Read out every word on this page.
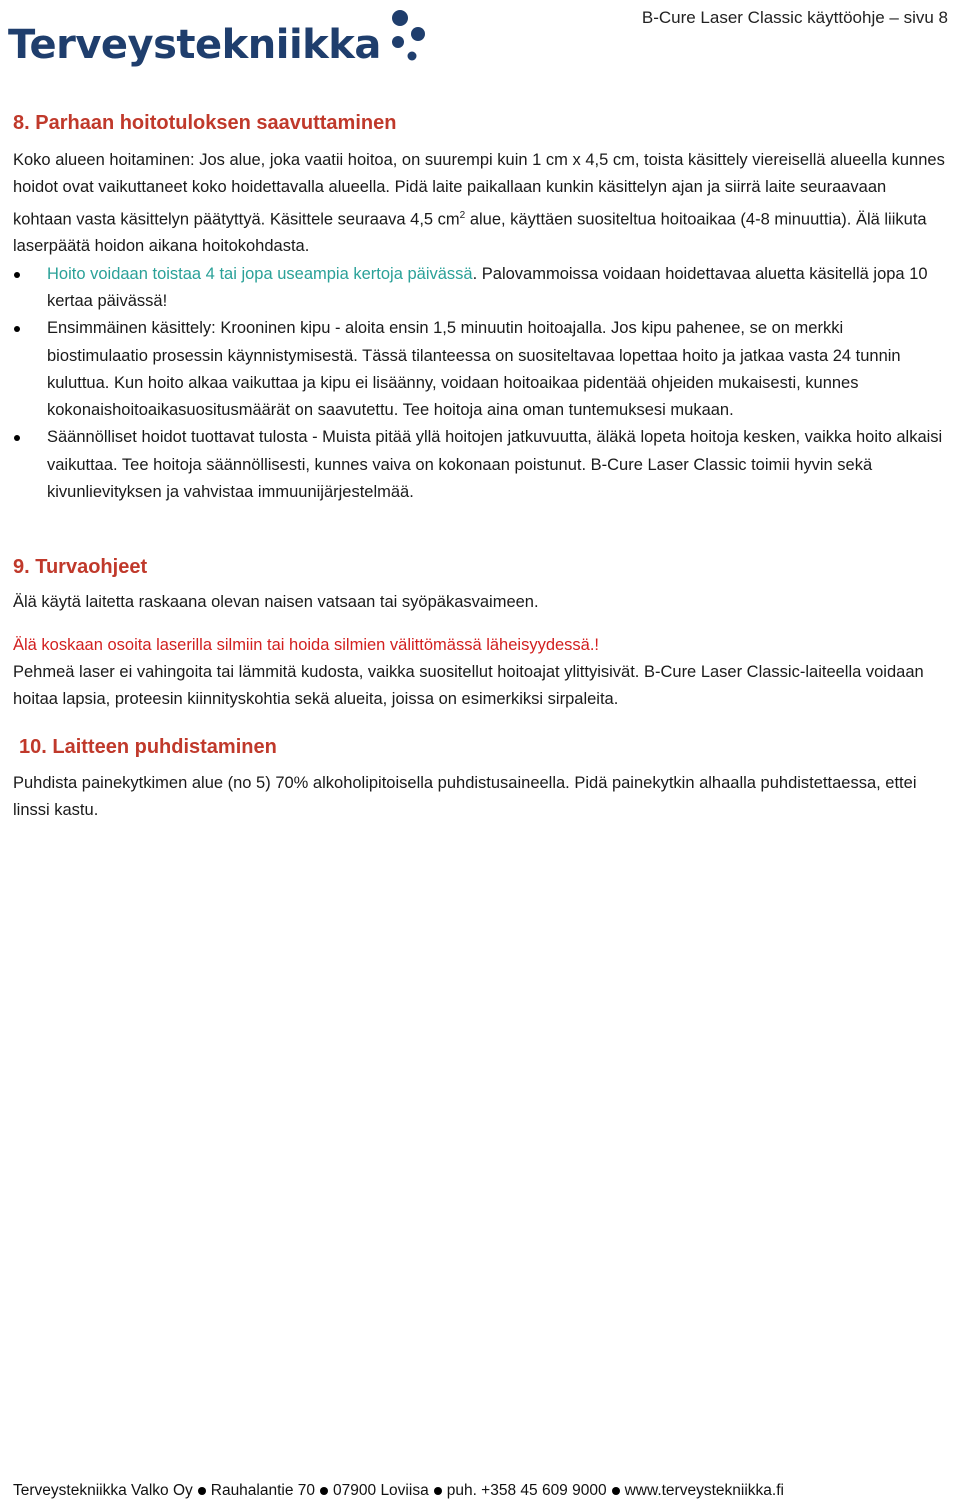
Terveystekniikka
B-Cure Laser Classic käyttöohje – sivu 8
8. Parhaan hoitotuloksen saavuttaminen

Koko alueen hoitaminen: Jos alue, joka vaatii hoitoa, on suurempi kuin 1 cm x 4,5 cm, toista käsittely viereisellä alueella kunnes hoidot ovat vaikuttaneet koko hoidettavalla alueella. Pidä laite paikallaan kunkin käsittelyn ajan ja siirrä laite seuraavaan kohtaan vasta käsittelyn päätyttyä. Käsittele seuraava 4,5 $cm^2$ alue, käyttäen suositeltua hoitoaikaa (4-8 minuuttia). Älä liikuta laserpäätä hoidon aikana hoitokohdasta.

Hoito voidaan toistaa 4 tai jopa useampia kertoja päivässä. Palovammoissa voidaan hoidettavaa aluetta käsitellä jopa 10 kertaa päivässä!
Ensimmäinen käsittely: Krooninen kipu - aloita ensin 1,5 minuutin hoitoajalla. Jos kipu pahenee, se on merkki biostimulaatio prosessin käynnistymisestä. Tässä tilanteessa on suositeltavaa lopettaa hoito ja jatkaa vasta 24 tunnin kuluttua. Kun hoito alkaa vaikuttaa ja kipu ei lisäänny, voidaan hoitoaikaa pidentää ohjeiden mukaisesti, kunnes kokonaishoitoaikasuositusmäärät on saavutettu. Tee hoitoja aina oman tuntemuksesi mukaan.
Säännölliset hoidot tuottavat tulosta - Muista pitää yllä hoitojen jatkuvuutta, äläkä lopeta hoitoja kesken, vaikka hoito alkaisi vaikuttaa. Tee hoitoja säännöllisesti, kunnes vaiva on kokonaan poistunut. B-Cure Laser Classic toimii hyvin sekä kivunlievityksen ja vahvistaa immuunijärjestelmää.
9. Turvaohjeet

Älä käytä laitetta raskaana olevan naisen vatsaan tai syöpäkasvaimeen.

Älä koskaan osoita laserilla silmiin tai hoida silmien välittömässä läheisyydessä.!

Pehmeä laser ei vahingoita tai lämmitä kudosta, vaikka suositellut hoitoajat ylittyisivät. B-Cure Laser Classic-laiteella voidaan hoitaa lapsia, proteesin kiinnityskohtia sekä alueita, joissa on esimerkiksi sirpaleita.

10. Laitteen puhdistaminen

Puhdista painekytkimen alue (no 5) 70% alkoholipitoisella puhdistusaineella. Pidä painekytkin alhaalla puhdistettaessa, ettei linssi kastu.

Terveystekniikka Valko Oy Rauhalantie 70 07900 Loviisa puh. +358 45 609 9000 www.terveystekniikka.fi
